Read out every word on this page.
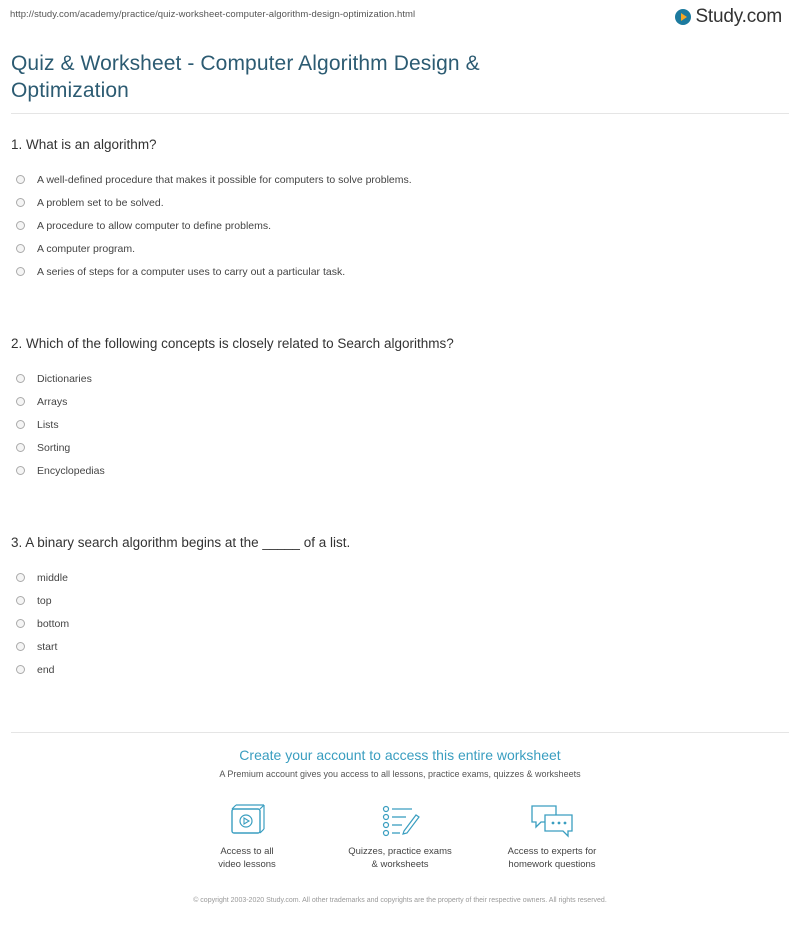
http://study.com/academy/practice/quiz-worksheet-computer-algorithm-design-optimization.html	Study.com
Quiz & Worksheet - Computer Algorithm Design & Optimization
1. What is an algorithm?
A well-defined procedure that makes it possible for computers to solve problems.
A problem set to be solved.
A procedure to allow computer to define problems.
A computer program.
A series of steps for a computer uses to carry out a particular task.
2. Which of the following concepts is closely related to Search algorithms?
Dictionaries
Arrays
Lists
Sorting
Encyclopedias
3. A binary search algorithm begins at the _____ of a list.
middle
top
bottom
start
end
Create your account to access this entire worksheet
A Premium account gives you access to all lessons, practice exams, quizzes & worksheets
Access to all
video lessons
Quizzes, practice exams
& worksheets
Access to experts for
homework questions
© copyright 2003-2020 Study.com. All other trademarks and copyrights are the property of their respective owners. All rights reserved.
